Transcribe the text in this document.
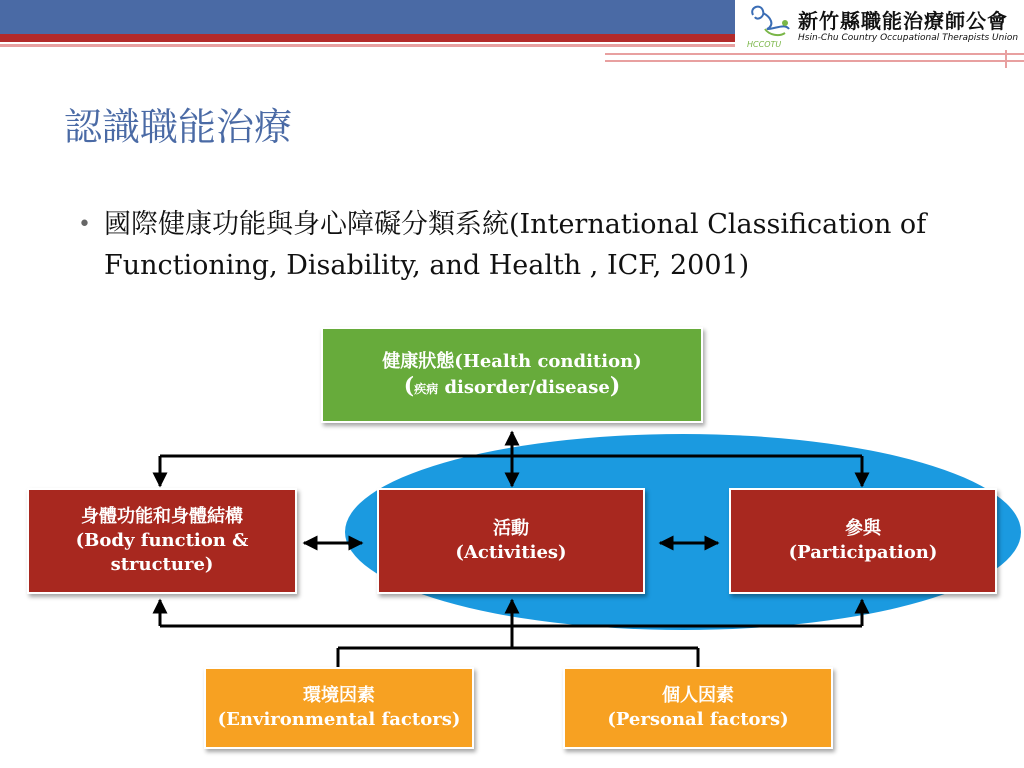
HCCOTU
新竹縣職能治療師公會
Hsin-Chu Country Occupational Therapists Union
認識職能治療
• 國際健康功能與身心障礙分類系統(International Classification of Functioning, Disability, and Health , ICF, 2001)
健康狀態(Health condition)
(疾病 disorder/disease)
身體功能和身體結構
(Body function & structure)
活動
(Activities)
參與
(Participation)
環境因素
(Environmental factors)
個人因素
(Personal factors)
